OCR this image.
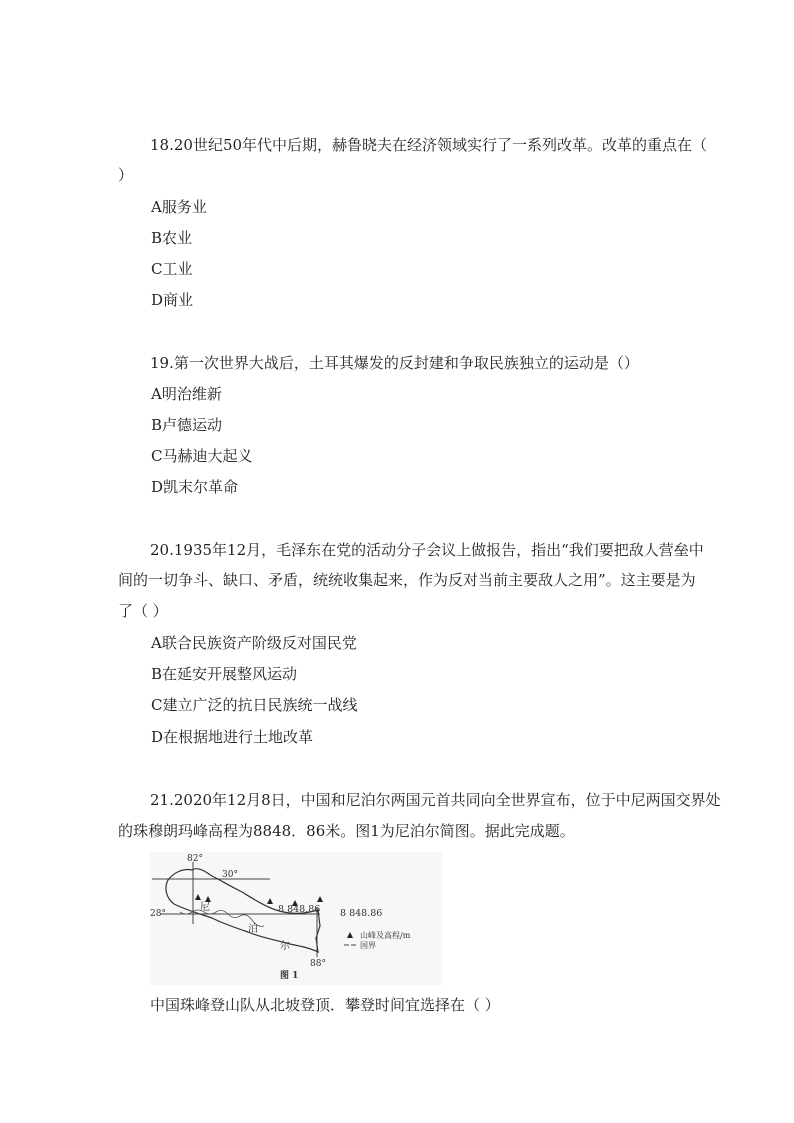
18.20世纪50年代中后期，赫鲁晓夫在经济领域实行了一系列改革。改革的重点在（
）
A服务业
B农业
C工业
D商业
19.第一次世界大战后，土耳其爆发的反封建和争取民族独立的运动是（）
A明治维新
B卢德运动
C马赫迪大起义
D凯末尔革命
20.1935年12月，毛泽东在党的活动分子会议上做报告，指出“我们要把敌人营垒中
间的一切争斗、缺口、矛盾，统统收集起来，作为反对当前主要敌人之用”。这主要是为
了（ ）
A联合民族资产阶级反对国民党
B在延安开展整风运动
C建立广泛的抗日民族统一战线
D在根据地进行土地改革
21.2020年12月8日，中国和尼泊尔两国元首共同向全世界宣布，位于中尼两国交界处
的珠穆朗玛峰高程为8848．86米。图1为尼泊尔简图。据此完成题。
82°
30°
28°
88°
尼
泊
尔
8 848.86 8 848.86
山峰及高程/m
国界
图 1
中国珠峰登山队从北坡登顶．攀登时间宜选择在（ ）
